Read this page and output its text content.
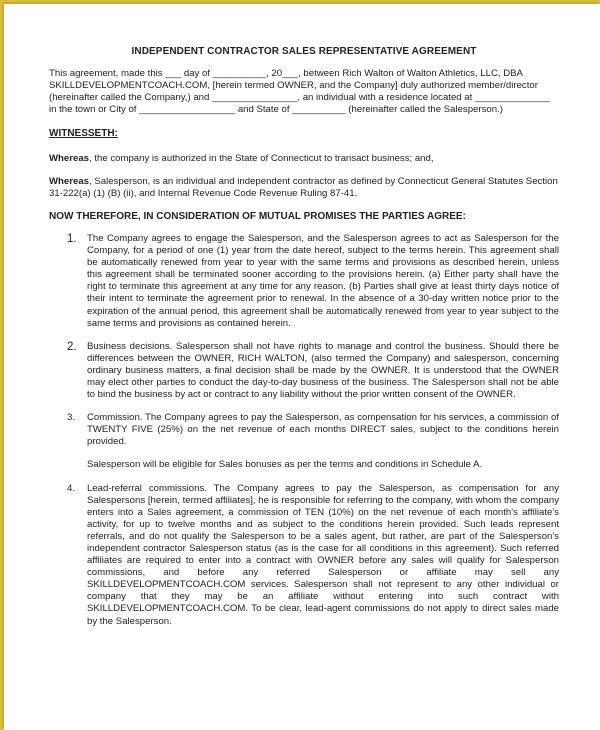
INDEPENDENT CONTRACTOR SALES REPRESENTATIVE AGREEMENT

This agreement, made this ___ day of __________, 20___, between Rich Walton of Walton Athletics, LLC, DBA SKILLDEVELOPMENTCOACH.COM, [herein termed OWNER, and the Company] duly authorized member/director (hereinafter called the Company,) and ________________, an individual with a residence located at ______________ in the town or City of __________________ and State of __________ (hereinafter called the Salesperson.)

WITNESSETH:

Whereas, the company is authorized in the State of Connecticut to transact business; and,

Whereas, Salesperson, is an individual and independent contractor as defined by Connecticut General Statutes Section 31-222(a) (1) (B) (ii), and Internal Revenue Code Revenue Ruling 87-41.

NOW THEREFORE, IN CONSIDERATION OF MUTUAL PROMISES THE PARTIES AGREE:

1. The Company agrees to engage the Salesperson, and the Salesperson agrees to act as Salesperson for the Company, for a period of one (1) year from the date hereof, subject to the terms herein. This agreement shall be automatically renewed from year to year with the same terms and provisions as described herein, unless this agreement shall be terminated sooner according to the provisions herein. (a) Either party shall have the right to terminate this agreement at any time for any reason. (b) Parties shall give at least thirty days notice of their intent to terminate the agreement prior to renewal. In the absence of a 30-day written notice prior to the expiration of the annual period, this agreement shall be automatically renewed from year to year subject to the same terms and provisions as contained herein.

2. Business decisions. Salesperson shall not have rights to manage and control the business. Should there be differences between the OWNER, RICH WALTON, (also termed the Company) and salesperson, concerning ordinary business matters, a final decision shall be made by the OWNER. It is understood that the OWNER may elect other parties to conduct the day-to-day business of the business. The Salesperson shall not be able to bind the business by act or contract to any liability without the prior written consent of the OWNER.

3. Commission. The Company agrees to pay the Salesperson, as compensation for his services, a commission of TWENTY FIVE (25%) on the net revenue of each months DIRECT sales, subject to the conditions herein provided.

Salesperson will be eligible for Sales bonuses as per the terms and conditions in Schedule A.

4. Lead-referral commissions. The Company agrees to pay the Salesperson, as compensation for any Salespersons [herein, termed affiliates], he is responsible for referring to the company, with whom the company enters into a Sales agreement, a commission of TEN (10%) on the net revenue of each month's affiliate's activity, for up to twelve months and as subject to the conditions herein provided. Such leads represent referrals, and do not qualify the Salesperson to be a sales agent, but rather, are part of the Salesperson's independent contractor Salesperson status (as is the case for all conditions in this agreement). Such referred affiliates are required to enter into a contract with OWNER before any sales will qualify for Salesperson commissions, and before any referred Salesperson or affiliate may sell any SKILLDEVELOPMENTCOACH.COM services. Salesperson shall not represent to any other individual or company that they may be an affiliate without entering into such contract with SKILLDEVELOPMENTCOACH.COM. To be clear, lead-agent commissions do not apply to direct sales made by the Salesperson.
